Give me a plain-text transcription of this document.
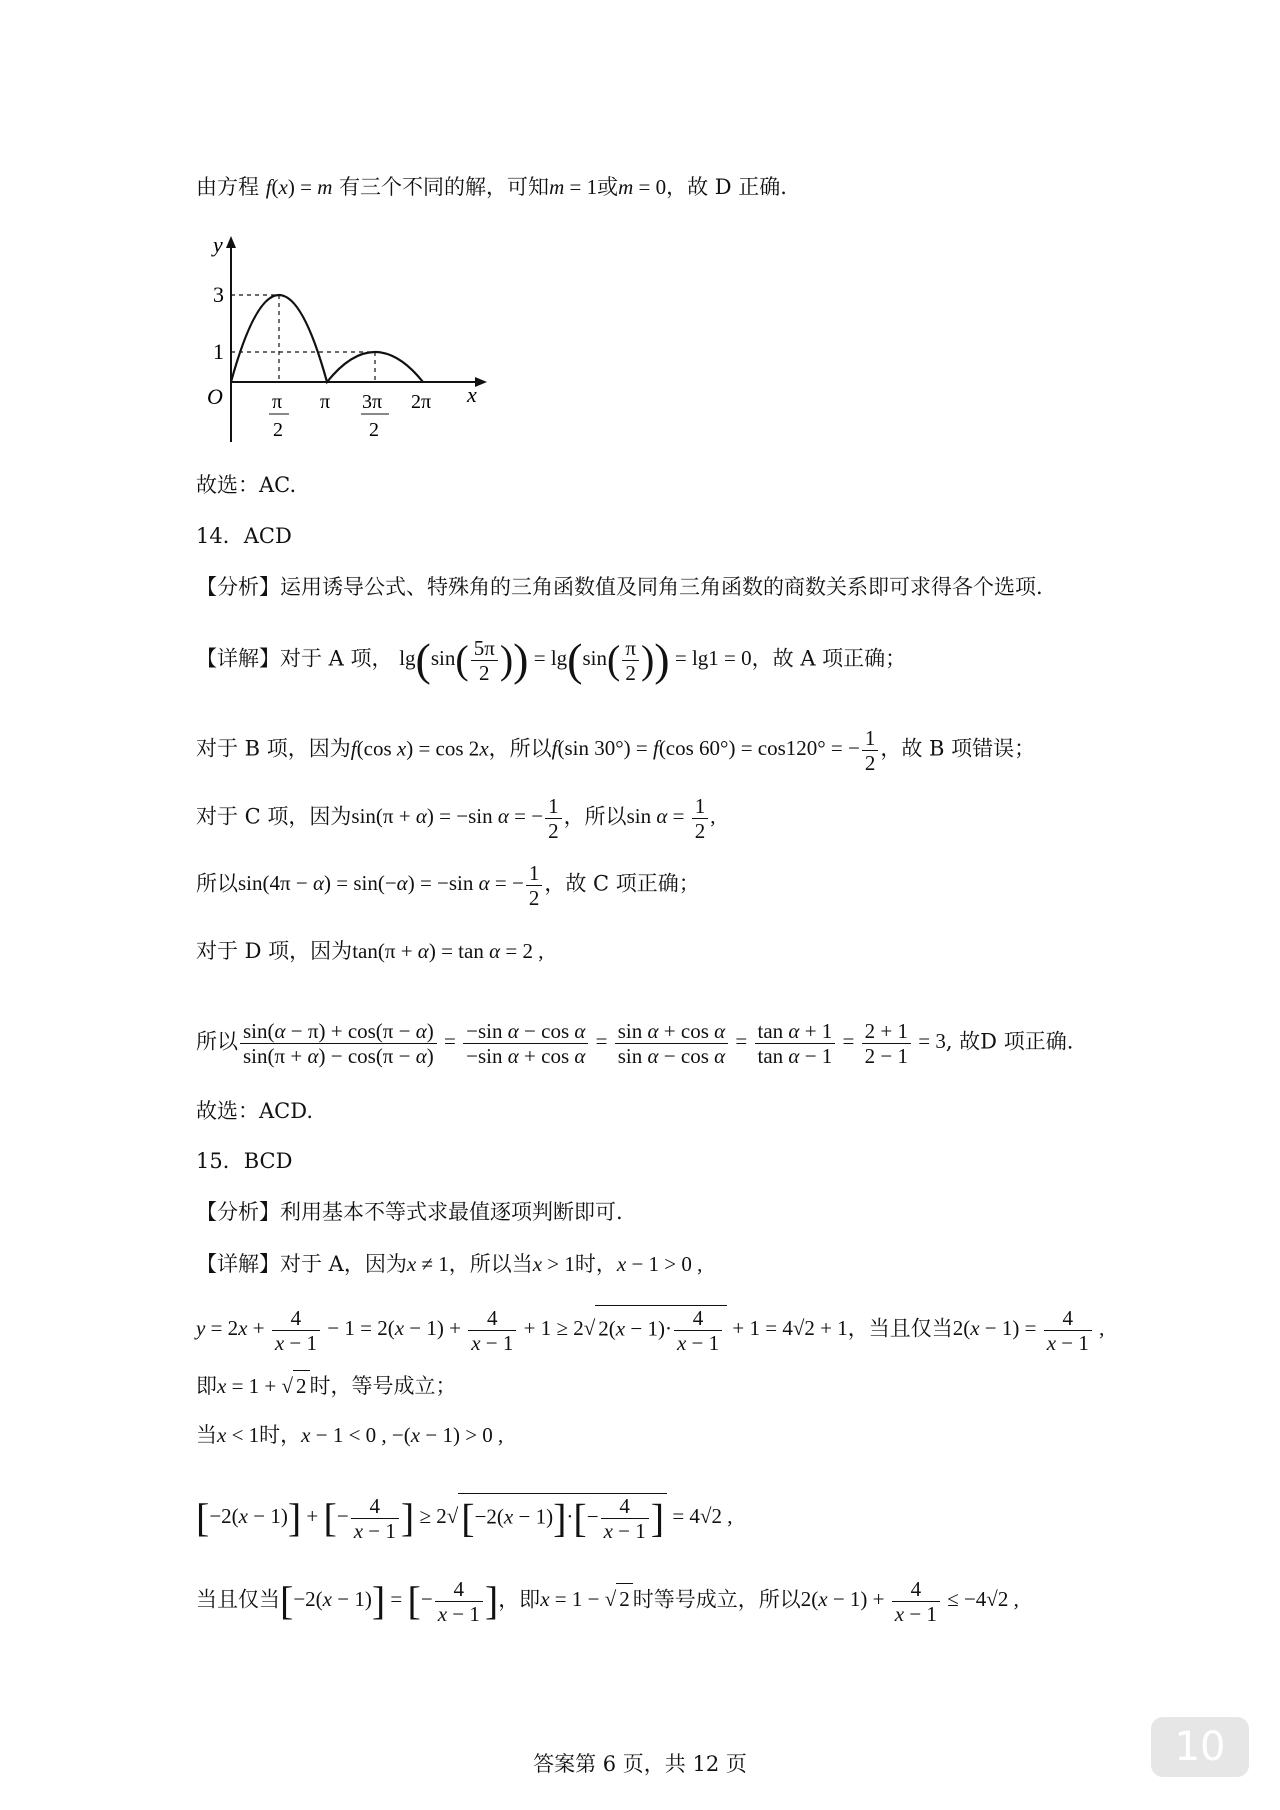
由方程 f(x) = m 有三个不同的解，可知m = 1或m = 0，故 D 正确.
y
x
O
3
1
π
2
π 3π
2
2π
故选：AC.
14．ACD
【分析】运用诱导公式、特殊角的三角函数值及同角三角函数的商数关系即可求得各个选项.
【详解】对于 A 项， $\lg(\sin( \frac{5\pi}{2}$ )) = $\lg(\sin( \frac{\pi}{2}$ )) = lg1 = 0，故 A 项正确；
对于 B 项，因为f(cos x) = cos 2x，所以f(sin 30°) = f(cos 60°) = cos120° = − $\frac{1}{2}$ ，故 B 项错误；
对于 C 项，因为sin(π + α) = −sin α = − $\frac{1}{2}$ ，所以$\sin \alpha = \frac{1}{2}$ ,
所以sin(4π − α) = sin(−α) = −sin α = − $\frac{1}{2}$ ，故 C 项正确；
对于 D 项，因为tan(π + α) = tan α = 2 ,
所以 $\frac{\sin(\alpha - \pi) + \cos(\pi - \alpha)}{\sin(\pi + \alpha) - \cos(\pi - \alpha)} = \frac{\text{−sin α − cos α}}{\text{−sin α + cos α}} = \frac{\text{sin α + cos α}}{\text{sin α − cos α}} = \frac{\text{tan α + 1}}{\text{tan α − 1}} = \frac{2 + 1}{2 - 1} = 3$, 故D 项正确.
故选：ACD.
15．BCD
【分析】利用基本不等式求最值逐项判断即可.
【详解】对于 A，因为x ≠ 1，所以当x > 1时，x − 1 > 0 ,
$y = 2x + \frac{4}{x - 1} - 1 = 2(x - 1) + \frac{4}{x - 1} + 1 \ge 2√$ $2(x - 1)\cdot \frac{4}{x - 1} + 1 = 4√2 + 1$，当且仅当$2(x - 1) = \frac{4}{x - 1}$ ,
即x = 1 + √ 2 时，等号成立；
当x < 1时，x − 1 < 0 , −(x − 1) > 0 ,
[−2(x − 1)] + [− $\frac{4}{x - 1}$ ] ≥ $2√[-2(x - 1)]\cdot[- \frac{4}{x - 1}$ ] = 4√2 ,
当且仅当[−2(x − 1)] = [− $\frac{4}{x - 1}$ ]，即x = 1 − √ 2 时等号成立，所以$2(x - 1) + \frac{4}{x - 1} \le -4√2$ ,
10
答案第 6 页，共 12 页
